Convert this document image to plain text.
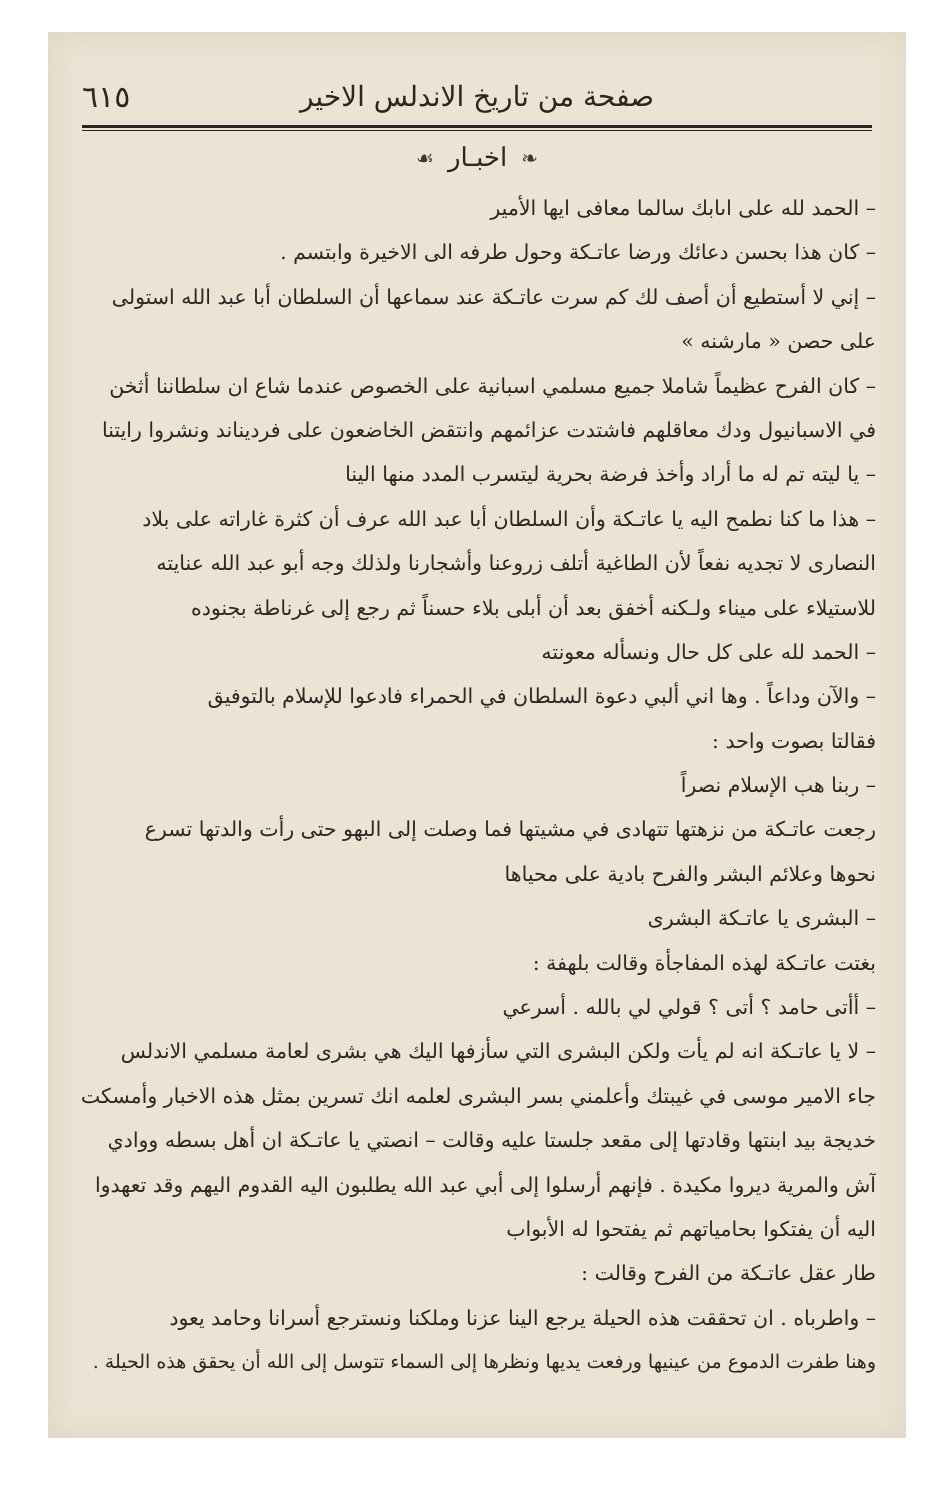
٦١٥	صفحة من تاريخ الاندلس الاخير
❧
اخبـار
☙
– الحمد لله على اىابك سالما معافى ايها الأمير
– كان هذا بحسن دعائك ورضا عاتـكة وحول طرفه الى الاخيرة وابتسم .
– إني لا أستطيع أن أصف لك كم سرت عاتـكة عند سماعها أن السلطان أبا عبد الله استولى
على حصن « مارشنه »
– كان الفرح عظيماً شاملا جميع مسلمي اسبانية على الخصوص عندما شاع ان سلطاننا أثخن
في الاسبانيول ودك معاقلهم فاشتدت عزائمهم وانتقض الخاضعون على فرديناند ونشروا رايتنا
– يا ليته تم له ما أراد وأخذ فرضة بحرية ليتسرب المدد منها الينا
– هذا ما كنا نطمح اليه يا عاتـكة وأن السلطان أبا عبد الله عرف أن كثرة غاراته على بلاد
النصارى لا تجديه نفعاً لأن الطاغية أتلف زروعنا وأشجارنا ولذلك وجه أبو عبد الله عنايته
للاستيلاء على ميناء ولـكنه أخفق بعد أن أبلى بلاء حسناً ثم رجع إلى غرناطة بجنوده
– الحمد لله على كل حال ونسأله معونته
– والآن وداعاً . وها اني ألبي دعوة السلطان في الحمراء فادعوا للإسلام بالتوفيق
فقالتا بصوت واحد :
– ربنا هب الإسلام نصراً
رجعت عاتـكة من نزهتها تتهادى في مشيتها فما وصلت إلى البهو حتى رأت والدتها تسرع
نحوها وعلائم البشر والفرح بادية على محياها
– البشرى يا عاتـكة البشرى
بغتت عاتـكة لهذه المفاجأة وقالت بلهفة :
– أأتى حامد ؟ أتى ؟ قولي لي بالله . أسرعي
– لا يا عاتـكة انه لم يأت ولكن البشرى التي سأزفها اليك هي بشرى لعامة مسلمي الاندلس
جاء الامير موسى في غيبتك وأعلمني بسر البشرى لعلمه انك تسرين بمثل هذه الاخبار وأمسكت
خديجة بيد ابنتها وقادتها إلى مقعد جلستا عليه وقالت – انصتي يا عاتـكة ان أهل بسطه ووادي
آش والمرية ديروا مكيدة . فإنهم أرسلوا إلى أبي عبد الله يطلبون اليه القدوم اليهم وقد تعهدوا
اليه أن يفتكوا بحامياتهم ثم يفتحوا له الأبواب
طار عقل عاتـكة من الفرح وقالت :
– واطرباه . ان تحققت هذه الحيلة يرجع الينا عزنا وملكنا ونسترجع أسرانا وحامد يعود
وهنا طفرت الدموع من عينيها ورفعت يديها ونظرها إلى السماء تتوسل إلى الله أن يحقق هذه الحيلة .
